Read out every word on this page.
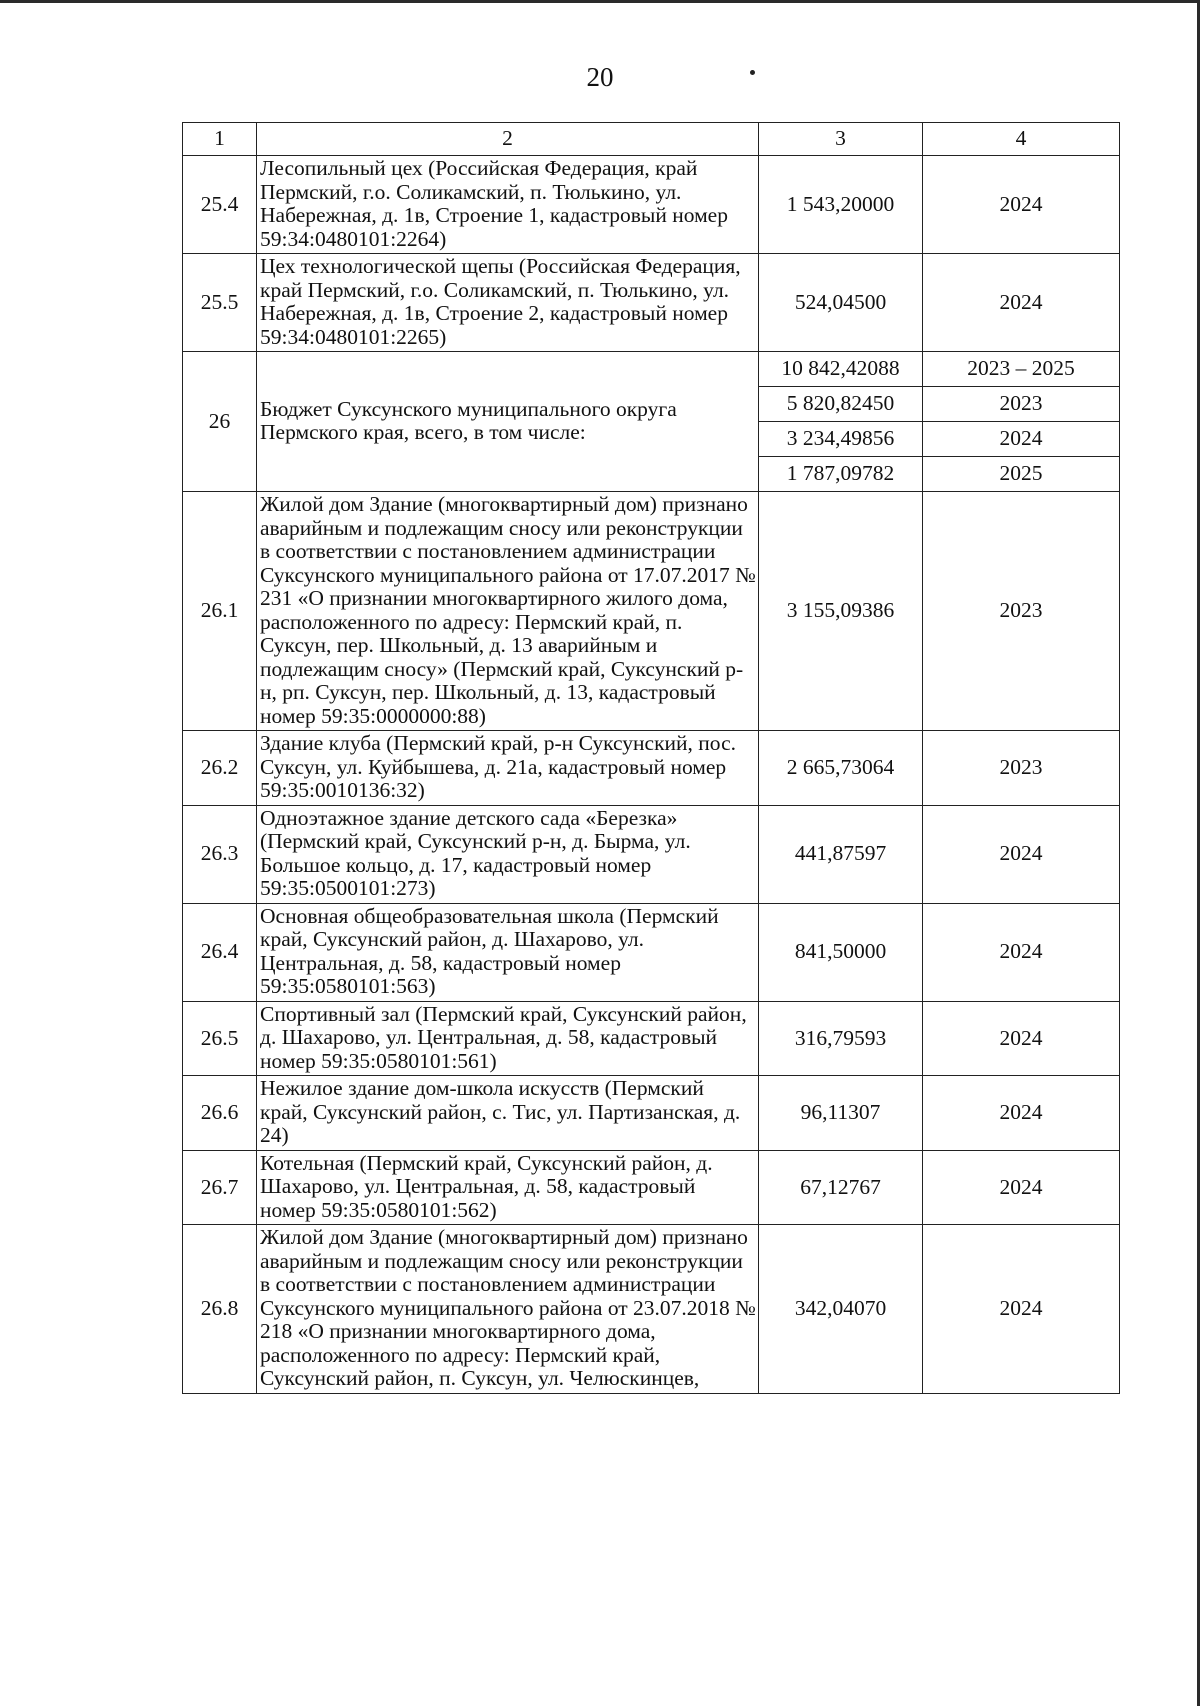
20
1	2	3	4
25.4	Лесопильный цех (Российская Федерация, край Пермский, г.о. Соликамский, п. Тюлькино, ул. Набережная, д. 1в, Строение 1, кадастровый номер 59:34:0480101:2264)	1 543,20000	2024
25.5	Цех технологической щепы (Российская Федерация, край Пермский, г.о. Соликамский, п. Тюлькино, ул. Набережная, д. 1в, Строение 2, кадастровый номер 59:34:0480101:2265)	524,04500	2024
26	Бюджет Суксунского муниципального округа Пермского края, всего, в том числе:	10 842,42088	2023 – 2025
		5 820,82450	2023
		3 234,49856	2024
		1 787,09782	2025
26.1	Жилой дом Здание (многоквартирный дом) признано аварийным и подлежащим сносу или реконструкции в соответствии с постановлением администрации Суксунского муниципального района от 17.07.2017 № 231 «О признании многоквартирного жилого дома, расположенного по адресу: Пермский край, п. Суксун, пер. Школьный, д. 13 аварийным и подлежащим сносу» (Пермский край, Суксунский р-н, рп. Суксун, пер. Школьный, д. 13, кадастровый номер 59:35:0000000:88)	3 155,09386	2023
26.2	Здание клуба (Пермский край, р-н Суксунский, пос. Суксун, ул. Куйбышева, д. 21а, кадастровый номер 59:35:0010136:32)	2 665,73064	2023
26.3	Одноэтажное здание детского сада «Березка» (Пермский край, Суксунский р-н, д. Бырма, ул. Большое кольцо, д. 17, кадастровый номер 59:35:0500101:273)	441,87597	2024
26.4	Основная общеобразовательная школа (Пермский край, Суксунский район, д. Шахарово, ул. Центральная, д. 58, кадастровый номер 59:35:0580101:563)	841,50000	2024
26.5	Спортивный зал (Пермский край, Суксунский район, д. Шахарово, ул. Центральная, д. 58, кадастровый номер 59:35:0580101:561)	316,79593	2024
26.6	Нежилое здание дом-школа искусств (Пермский край, Суксунский район, с. Тис, ул. Партизанская, д. 24)	96,11307	2024
26.7	Котельная (Пермский край, Суксунский район, д. Шахарово, ул. Центральная, д. 58, кадастровый номер 59:35:0580101:562)	67,12767	2024
26.8	Жилой дом Здание (многоквартирный дом) признано аварийным и подлежащим сносу или реконструкции в соответствии с постановлением администрации Суксунского муниципального района от 23.07.2018 № 218 «О признании многоквартирного дома, расположенного по адресу: Пермский край, Суксунский район, п. Суксун, ул. Челюскинцев,	342,04070	2024
